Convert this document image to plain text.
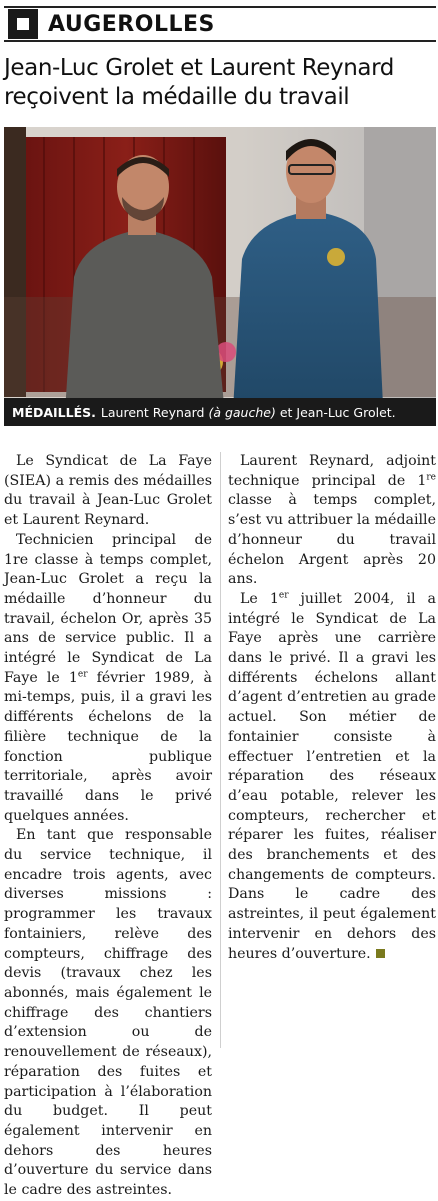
AUGEROLLES
Jean-Luc Grolet et Laurent Reynard
reçoivent la médaille du travail
MÉDAILLÉS. Laurent Reynard (à gauche) et Jean-Luc Grolet.

Le Syndicat de La Faye (SIEA) a remis des médailles du travail à Jean-Luc Grolet et Laurent Reynard.

Technicien principal de 1re classe à temps complet, Jean-Luc Grolet a reçu la médaille d’honneur du travail, échelon Or, après 35 ans de service public. Il a intégré le Syndicat de La Faye le 1er février 1989, à mi-temps, puis, il a gravi les différents échelons de la filière technique de la fonction publique territoriale, après avoir travaillé dans le privé quelques années.

En tant que responsable du service technique, il encadre trois agents, avec diverses missions : programmer les travaux fontainiers, relève des compteurs, chiffrage des devis (travaux chez les abonnés, mais également le chiffrage des chantiers d’extension ou de renouvellement de réseaux), réparation des fuites et participation à l’élaboration du budget. Il peut également intervenir en dehors des heures d’ouverture du service dans le cadre des astreintes.

Laurent Reynard, adjoint technique principal de 1re classe à temps complet, s’est vu attribuer la médaille d’honneur du travail échelon Argent après 20 ans.

Le 1er juillet 2004, il a intégré le Syndicat de La Faye après une carrière dans le privé. Il a gravi les différents échelons allant d’agent d’entretien au grade actuel. Son métier de fontainier consiste à effectuer l’entretien et la réparation des réseaux d’eau potable, relever les compteurs, rechercher et réparer les fuites, réaliser des branchements et des changements de compteurs. Dans le cadre des astreintes, il peut également intervenir en dehors des heures d’ouverture.
